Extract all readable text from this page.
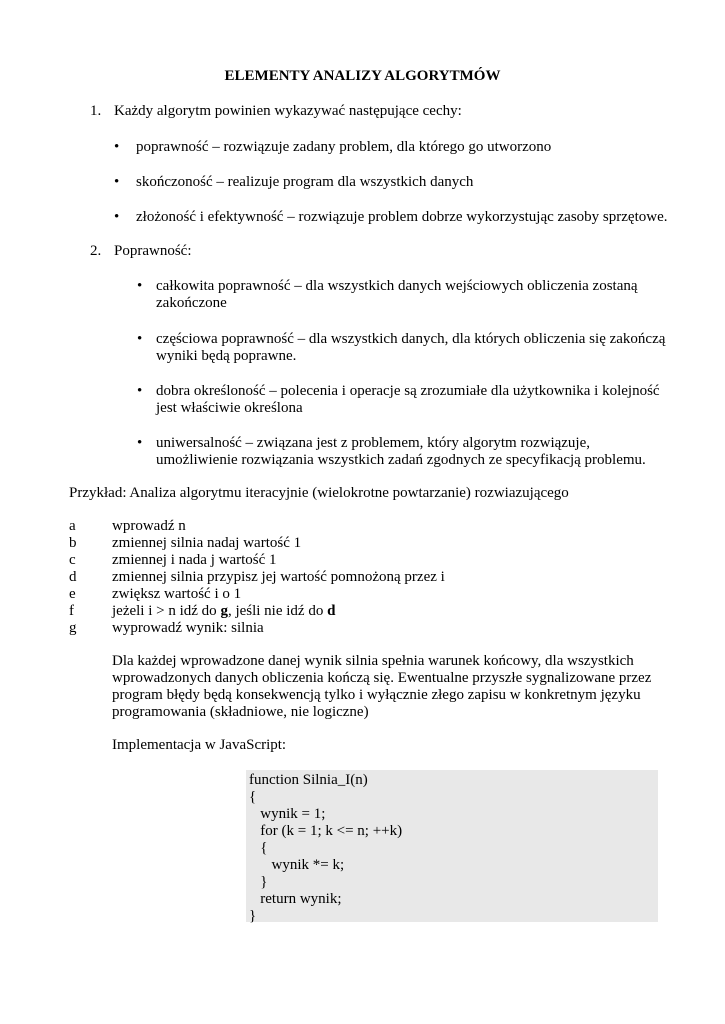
ELEMENTY ANALIZY ALGORYTMÓW
1. Każdy algorytm powinien wykazywać następujące cechy:
•	poprawność – rozwiązuje zadany problem, dla którego go utworzono
•	skończoność – realizuje program dla wszystkich danych
•	złożoność i efektywność – rozwiązuje problem dobrze wykorzystując zasoby sprzętowe.
2. Poprawność:
• całkowita poprawność – dla wszystkich danych wejściowych obliczenia zostaną
zakończone
• częściowa poprawność – dla wszystkich danych, dla których obliczenia się zakończą
wyniki będą poprawne.
• dobra określoność – polecenia i operacje są zrozumiałe dla użytkownika i kolejność
jest właściwie określona
• uniwersalność – związana jest z problemem, który algorytm rozwiązuje,
umożliwienie rozwiązania wszystkich zadań zgodnych ze specyfikacją problemu.
Przykład: Analiza algorytmu iteracyjnie (wielokrotne powtarzanie) rozwiazującego
a	wprowadź n
b	zmiennej silnia nadaj wartość 1
c	zmiennej i nada j wartość 1
d	zmiennej silnia przypisz jej wartość pomnożoną przez i
e	zwiększ wartość i o 1
f	jeżeli i > n idź do g, jeśli nie idź do d
g	wyprowadź wynik: silnia
Dla każdej wprowadzone danej wynik silnia spełnia warunek końcowy, dla wszystkich
wprowadzonych danych obliczenia kończą się. Ewentualne przyszłe sygnalizowane przez
program błędy będą konsekwencją tylko i wyłącznie złego zapisu w konkretnym języku
programowania (składniowe, nie logiczne)
Implementacja w JavaScript:
function Silnia_I(n)
{
wynik = 1;
for (k = 1; k <= n; ++k)
{
wynik *= k;
}
return wynik;
}
